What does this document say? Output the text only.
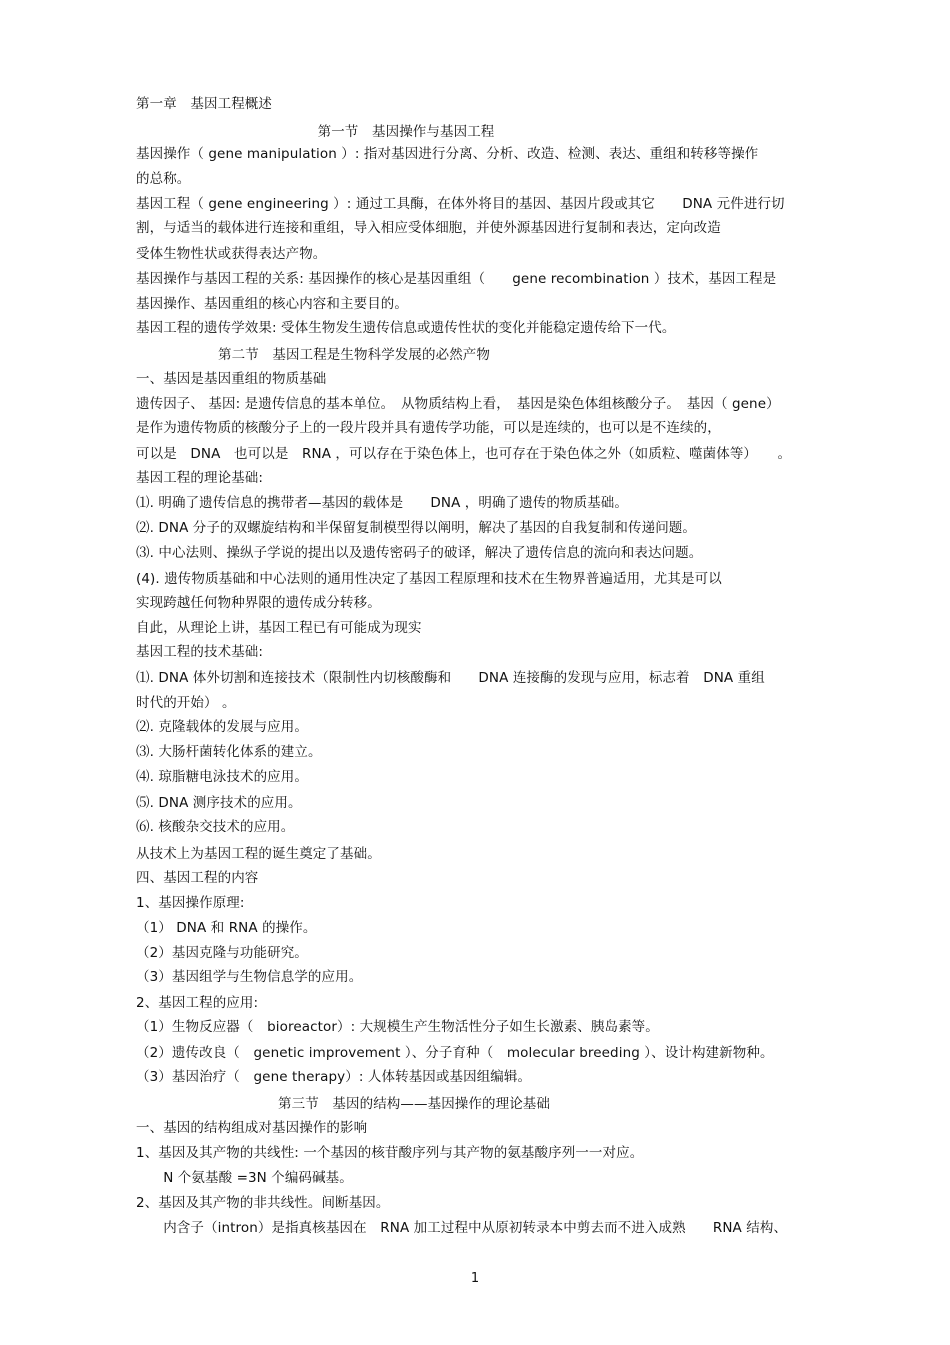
第一章　基因工程概述
第一节　基因操作与基因工程
基因操作（ gene manipulation ）: 指对基因进行分离、分析、改造、检测、表达、重组和转移等操作
的总称。
基因工程（ gene engineering ）: 通过工具酶，在体外将目的基因、基因片段或其它　　DNA 元件进行切
割，与适当的载体进行连接和重组，导入相应受体细胞，并使外源基因进行复制和表达，定向改造
受体生物性状或获得表达产物。
基因操作与基因工程的关系: 基因操作的核心是基因重组（　　gene recombination ）技术，基因工程是
基因操作、基因重组的核心内容和主要目的。
基因工程的遗传学效果: 受体生物发生遗传信息或遗传性状的变化并能稳定遗传给下一代。
第二节　基因工程是生物科学发展的必然产物
一、基因是基因重组的物质基础
遗传因子、 基因: 是遗传信息的基本单位。　从物质结构上看，　基因是染色体组核酸分子。　基因（ gene）
是作为遗传物质的核酸分子上的一段片段并具有遗传学功能，可以是连续的，也可以是不连续的，
可以是　DNA　也可以是　RNA ，可以存在于染色体上，也可存在于染色体之外（如质粒、噬菌体等）　　。
基因工程的理论基础:
⑴. 明确了遗传信息的携带者—基因的载体是　　DNA ，明确了遗传的物质基础。
⑵. DNA 分子的双螺旋结构和半保留复制模型得以阐明，解决了基因的自我复制和传递问题。
⑶. 中心法则、操纵子学说的提出以及遗传密码子的破译，解决了遗传信息的流向和表达问题。
(4). 遗传物质基础和中心法则的通用性决定了基因工程原理和技术在生物界普遍适用，尤其是可以
实现跨越任何物种界限的遗传成分转移。
自此，从理论上讲，基因工程已有可能成为现实
基因工程的技术基础:
⑴. DNA 体外切割和连接技术（限制性内切核酸酶和　　DNA 连接酶的发现与应用，标志着　DNA 重组
时代的开始） 。
⑵. 克隆载体的发展与应用。
⑶. 大肠杆菌转化体系的建立。
⑷. 琼脂糖电泳技术的应用。
⑸. DNA 测序技术的应用。
⑹. 核酸杂交技术的应用。
从技术上为基因工程的诞生奠定了基础。
四、基因工程的内容
1、基因操作原理:
（1） DNA 和 RNA 的操作。
（2）基因克隆与功能研究。
（3）基因组学与生物信息学的应用。
2、基因工程的应用:
（1）生物反应器（　bioreactor）: 大规模生产生物活性分子如生长激素、胰岛素等。
（2）遗传改良（　genetic improvement ）、分子育种（　molecular breeding ）、设计构建新物种。
（3）基因治疗（　gene therapy）: 人体转基因或基因组编辑。
第三节　基因的结构——基因操作的理论基础
一、基因的结构组成对基因操作的影响
1、基因及其产物的共线性: 一个基因的核苷酸序列与其产物的氨基酸序列一一对应。
　　N 个氨基酸 =3N 个编码碱基。
2、基因及其产物的非共线性。间断基因。
　　内含子（intron）是指真核基因在　RNA 加工过程中从原初转录本中剪去而不进入成熟　　RNA 结构、
1
